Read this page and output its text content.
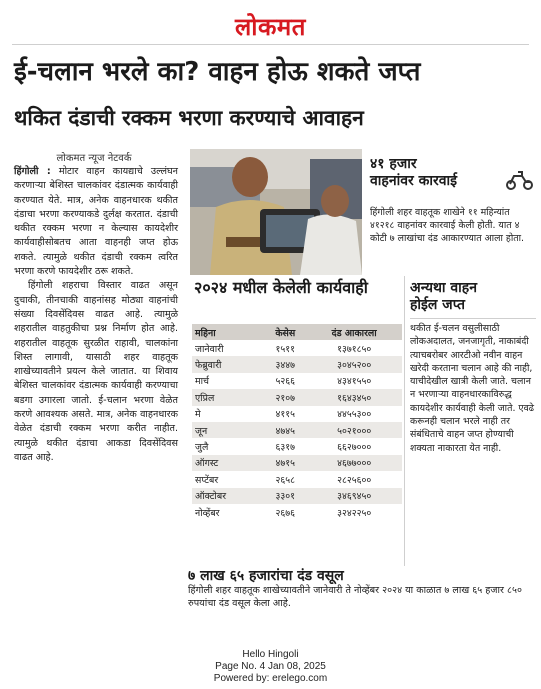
लोकमत
ई-चलान भरले का? वाहन होऊ शकते जप्त
थकित दंडाची रक्कम भरणा करण्याचे आवाहन
लोकमत न्यूज नेटवर्क

हिंगोली : मोटार वाहन कायद्याचे उल्लंघन करणाऱ्या बेशिस्त चालकांवर दंडात्मक कार्यवाही करण्यात येते. मात्र, अनेक वाहनधारक थकीत दंडाचा भरणा करण्याकडे दुर्लक्ष करतात. दंडाची थकीत रक्कम भरणा न केल्यास कायदेशीर कार्यवाहीसोबतच आता वाहनही जप्त होऊ शकते. त्यामुळे थकीत दंडाची रक्कम त्वरित भरणा करणे फायदेशीर ठरू शकते.

हिंगोली शहराचा विस्तार वाढत असून दुचाकी, तीनचाकी वाहनांसह मोठ्या वाहनांची संख्या दिवसेंदिवस वाढत आहे. त्यामुळे शहरातील वाहतुकीचा प्रश्न निर्माण होत आहे. शहरातील वाहतूक सुरळीत राहावी, चालकांना शिस्त लागावी, यासाठी शहर वाहतूक शाखेच्यावतीने प्रयत्न केले जातात. या शिवाय बेशिस्त चालकांवर दंडात्मक कार्यवाही करण्याचा बडगा उगारला जातो. ई-चलान भरणा वेळेत करणे आवश्यक असते. मात्र, अनेक वाहनधारक वेळेत दंडाची रक्कम भरणा करीत नाहीत. त्यामुळे थकीत दंडाचा आकडा दिवसेंदिवस वाढत आहे.

४१ हजार
वाहनांवर कारवाई
हिंगोली शहर वाहतूक शाखेने ११ महिन्यांत ४१२१८ वाहनांवर कारवाई केली होती. यात ४ कोटी ७ लाखांचा दंड आकारण्यात आला होता.
२०२४ मधील केलेली कार्यवाही
महिना	केसेस	दंड आकारला
जानेवारी	१५११	१३७१८५०
फेब्रुवारी	३४४७	३०४५२००
मार्च	५२६६	४३४१५५०
एप्रिल	२१०७	१६४३४५०
मे	४११५	४४५५३००
जून	४७४५	५०२१०००
जुलै	६३१७	६६२७०००
ऑगस्ट	४७१५	४६७७०००
सप्टेंबर	२६५८	२८२५६००
ऑक्टोबर	३३०१	३४६९४५०
नोव्हेंबर	२६७६	३२४२२५०
अन्यथा वाहन
होईल जप्त
थकीत ई-चलन वसुलीसाठी लोकअदालत, जनजागृती, नाकाबंदी त्याचबरोबर आरटीओ नवीन वाहन खरेदी करताना चलान आहे की नाही, याचीदेखील खात्री केली जाते. चलान न भरणाऱ्या वाहनधारकाविरुद्ध कायदेशीर कार्यवाही केली जाते. एवढे करूनही चलान भरले नाही तर संबंधिताचे वाहन जप्त होण्याची शक्यता नाकारता येत नाही.
७ लाख ६५ हजारांचा दंड वसूल
हिंगोली शहर वाहतूक शाखेच्यावतीने जानेवारी ते नोव्हेंबर २०२४ या काळात ७ लाख ६५ हजार ८५० रुपयांचा दंड वसूल केला आहे.
Hello Hingoli
Page No. 4 Jan 08, 2025
Powered by: erelego.com
